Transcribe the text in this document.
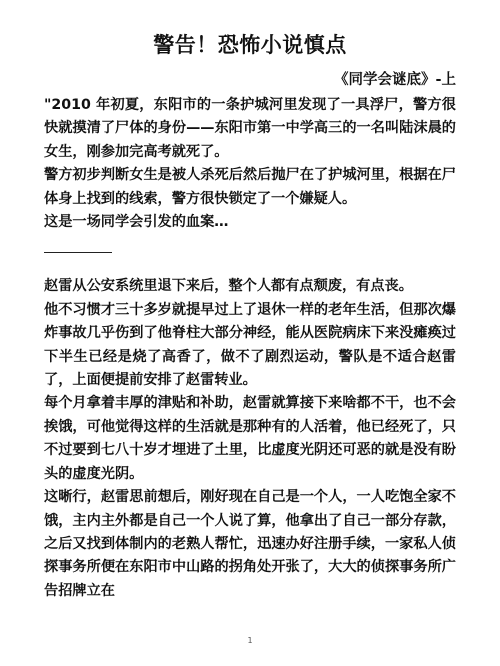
警告！恐怖小说慎点
《同学会谜底》-上

"2010 年初夏，东阳市的一条护城河里发现了一具浮尸，警方很快就摸清了尸体的身份——东阳市第一中学高三的一名叫陆沫晨的女生，刚参加完高考就死了。

警方初步判断女生是被人杀死后然后抛尸在了护城河里，根据在尸体身上找到的线索，警方很快锁定了一个嫌疑人。

这是一场同学会引发的血案…

赵雷从公安系统里退下来后，整个人都有点颓废，有点丧。

他不习惯才三十多岁就提早过上了退休一样的老年生活，但那次爆炸事故几乎伤到了他脊柱大部分神经，能从医院病床下来没瘫痪过下半生已经是烧了高香了，做不了剧烈运动，警队是不适合赵雷了，上面便提前安排了赵雷转业。

每个月拿着丰厚的津贴和补助，赵雷就算接下来啥都不干，也不会挨饿，可他觉得这样的生活就是那种有的人活着，他已经死了，只不过要到七八十岁才埋进了土里，比虚度光阴还可恶的就是没有盼头的虚度光阴。

这晰行，赵雷思前想后，刚好现在自己是一个人，一人吃饱全家不饿，主内主外都是自己一个人说了算，他拿出了自己一部分存款，之后又找到体制内的老熟人帮忙，迅速办好注册手续，一家私人侦探事务所便在东阳市中山路的拐角处开张了，大大的侦探事务所广告招牌立在

1
